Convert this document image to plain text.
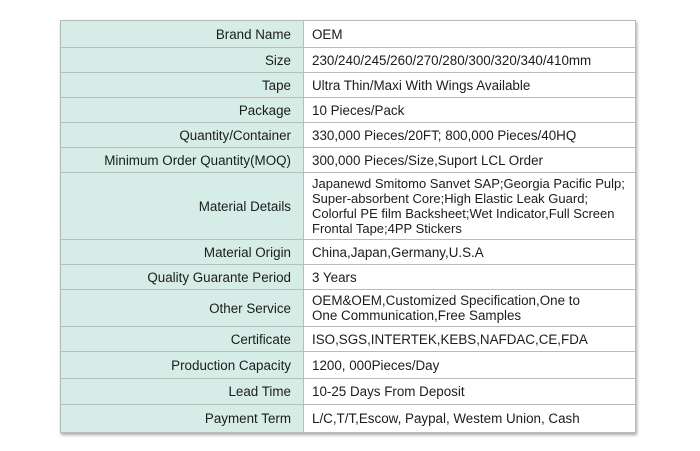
Brand Name	OEM
Size	230/240/245/260/270/280/300/320/340/410mm
Tape	Ultra Thin/Maxi With Wings Available
Package	10 Pieces/Pack
Quantity/Container	330,000 Pieces/20FT; 800,000 Pieces/40HQ
Minimum Order Quantity(MOQ)	300,000 Pieces/Size,Suport LCL Order
Material Details	Japanewd Smitomo Sanvet SAP;Georgia Pacific Pulp;
Super-absorbent Core;High Elastic Leak Guard;
Colorful PE film Backsheet;Wet Indicator,Full Screen
Frontal Tape;4PP Stickers

Material Origin	China,Japan,Germany,U.S.A
Quality Guarante Period	3 Years
Other Service	OEM&OEM,Customized Specification,One to
One Communication,Free Samples

Certificate	ISO,SGS,INTERTEK,KEBS,NAFDAC,CE,FDA
Production Capacity	1200, 000Pieces/Day
Lead Time	10-25 Days From Deposit
Payment Term	L/C,T/T,Escow, Paypal, Westem Union, Cash
